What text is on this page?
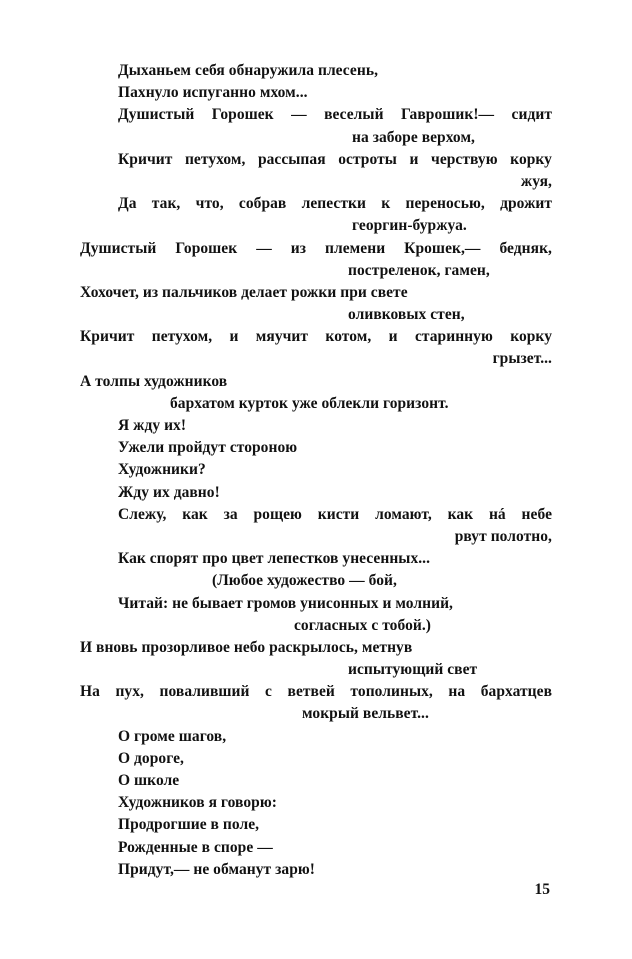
Дыханьем себя обнаружила плесень,
Пахнуло испуганно мхом...
Душистый Горошек — веселый Гаврошик!— сидит
на заборе верхом,
Кричит петухом, рассыпая остроты и черствую корку
жуя,
Да так, что, собрав лепестки к переносью, дрожит
георгин-буржуа.
Душистый Горошек — из племени Крошек,— бедняк,
постреленок, гамен,
Хохочет, из пальчиков делает рожки при свете
оливковых стен,
Кричит петухом, и мяучит котом, и старинную корку
грызет...
А толпы художников
бархатом курток уже облекли горизонт.
Я жду их!
Ужели пройдут стороною
Художники?
Жду их давно!
Слежу, как за рощею кисти ломают, как нá небе
рвут полотно,
Как спорят про цвет лепестков унесенных...
(Любое художество — бой,
Читай: не бывает громов унисонных и молний,
согласных с тобой.)
И вновь прозорливое небо раскрылось, метнув
испытующий свет
На пух, поваливший с ветвей тополиных, на бархатцев
мокрый вельвет...
О громе шагов,
О дороге,
О школе
Художников я говорю:
Продрогшие в поле,
Рожденные в споре —
Придут,— не обманут зарю!
15
